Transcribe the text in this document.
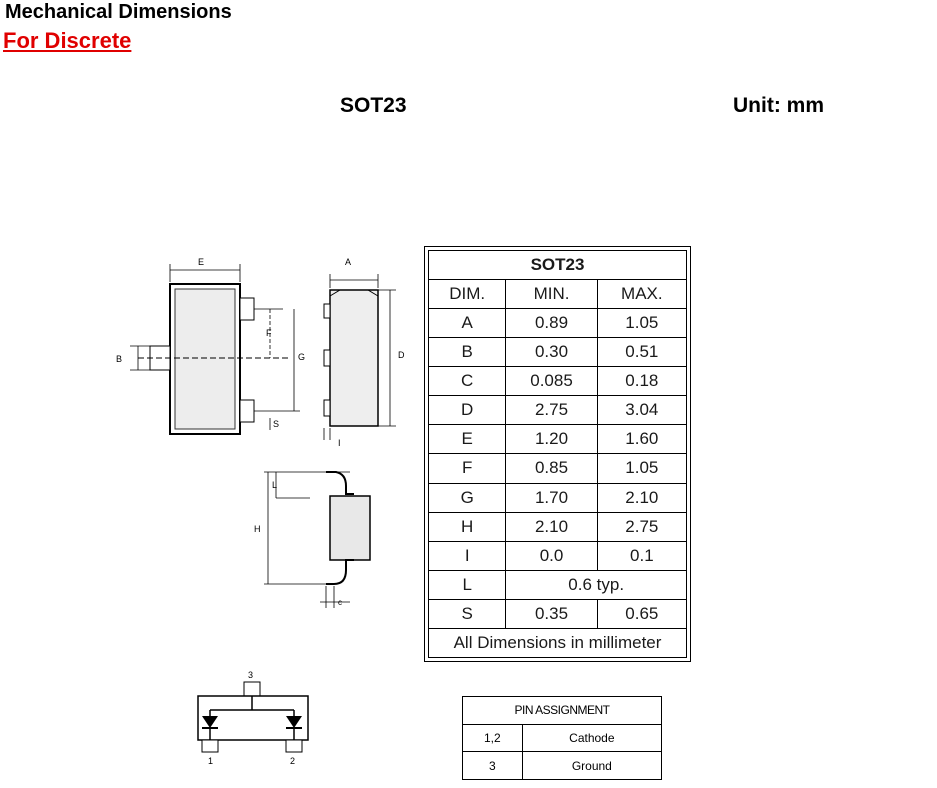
Mechanical Dimensions
For Discrete
SOT23	Unit: mm
E
B
F
G
S
A
D
I
H
L
c
3
1	2
SOT23		
DIM.	MIN.	MAX.
A	0.89	1.05
B	0.30	0.51
C	0.085	0.18
D	2.75	3.04
E	1.20	1.60
F	0.85	1.05
G	1.70	2.10
H	2.10	2.75
I	0.0	0.1
L	0.6 typ.	
S	0.35	0.65
All Dimensions in millimeter		
PIN ASSIGNMENT	
1,2	Cathode
3	Ground
